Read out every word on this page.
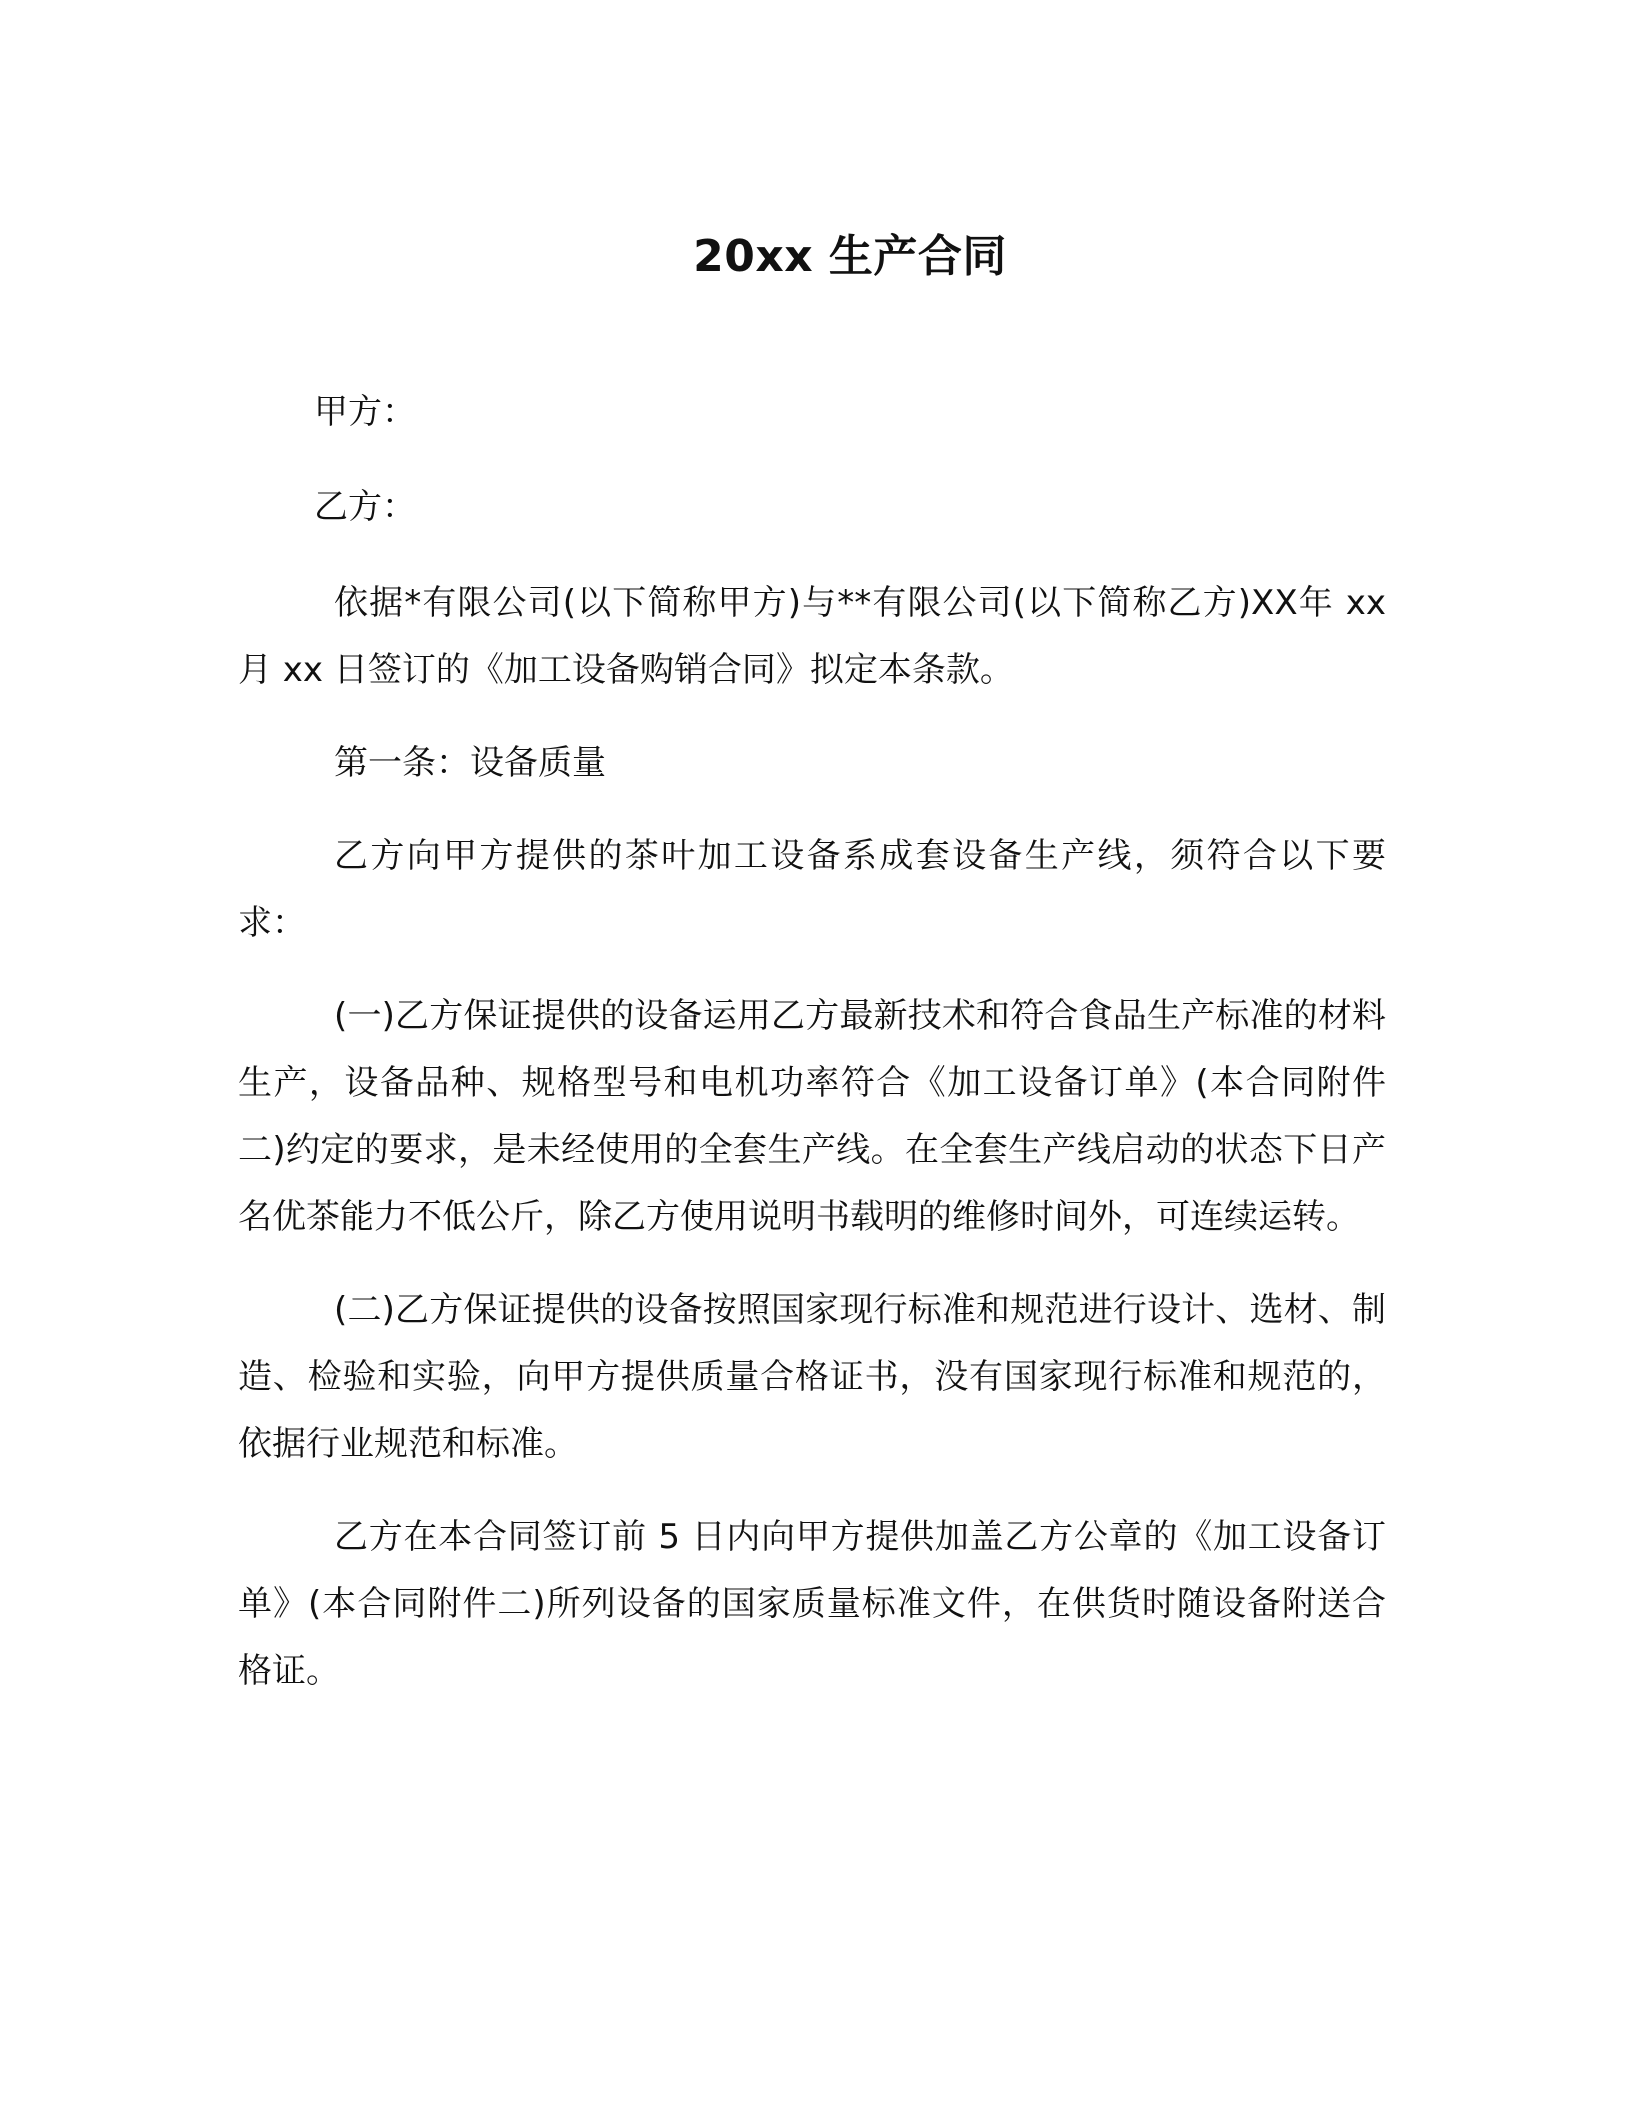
20xx 生产合同
甲方：
乙方：

依据*有限公司(以下简称甲方)与**有限公司(以下简称乙方)XX年 xx 月 xx 日签订的《加工设备购销合同》拟定本条款。

第一条：设备质量

乙方向甲方提供的茶叶加工设备系成套设备生产线，须符合以下要求：

(一)乙方保证提供的设备运用乙方最新技术和符合食品生产标准的材料生产，设备品种、规格型号和电机功率符合《加工设备订单》(本合同附件二)约定的要求，是未经使用的全套生产线。在全套生产线启动的状态下日产名优茶能力不低公斤，除乙方使用说明书载明的维修时间外，可连续运转。

(二)乙方保证提供的设备按照国家现行标准和规范进行设计、选材、制造、检验和实验，向甲方提供质量合格证书，没有国家现行标准和规范的，依据行业规范和标准。

乙方在本合同签订前 5 日内向甲方提供加盖乙方公章的《加工设备订单》(本合同附件二)所列设备的国家质量标准文件，在供货时随设备附送合格证。
